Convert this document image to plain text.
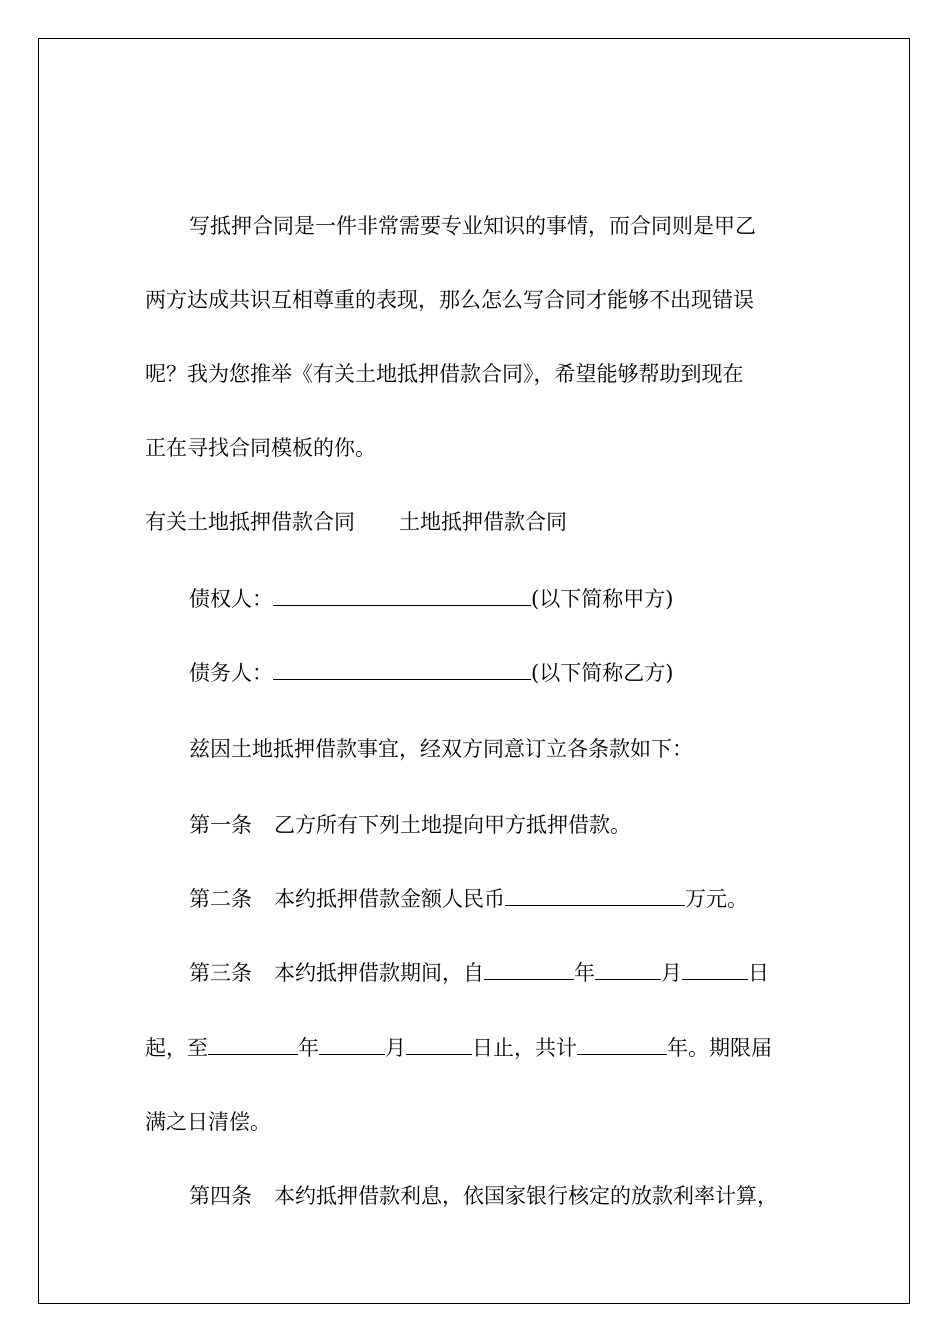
写抵押合同是一件非常需要专业知识的事情，而合同则是甲乙
两方达成共识互相尊重的表现，那么怎么写合同才能够不出现错误
呢？我为您推举《有关土地抵押借款合同》，希望能够帮助到现在
正在寻找合同模板的你。
有关土地抵押借款合同 土地抵押借款合同
债权人：	(以下简称甲方)
债务人：	(以下简称乙方)
兹因土地抵押借款事宜，经双方同意订立各条款如下：
第一条 乙方所有下列土地提向甲方抵押借款。
第二条 本约抵押借款金额人民币	万元。
第三条 本约抵押借款期间，自	年	月	日
起，至	年	月	日止，共计	年。期限届
满之日清偿。
第四条 本约抵押借款利息，依国家银行核定的放款利率计算，
